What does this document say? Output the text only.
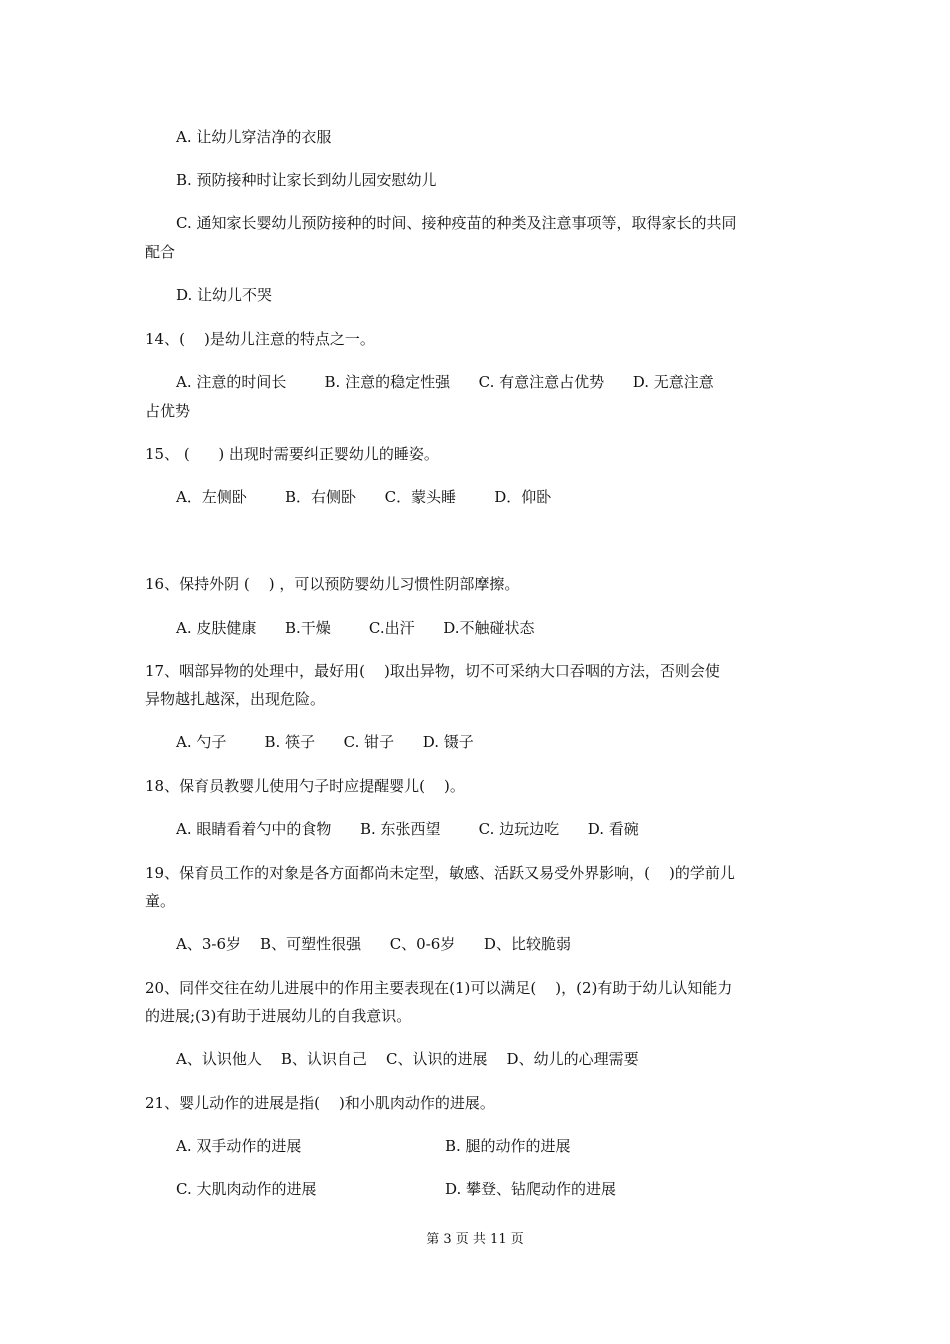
A. 让幼儿穿洁净的衣服
B. 预防接种时让家长到幼儿园安慰幼儿
C. 通知家长婴幼儿预防接种的时间、接种疫苗的种类及注意事项等，取得家长的共同
配合
D. 让幼儿不哭
14、(    )是幼儿注意的特点之一。
A. 注意的时间长        B. 注意的稳定性强      C. 有意注意占优势      D. 无意注意
占优势
15、 (      ) 出现时需要纠正婴幼儿的睡姿。
A．左侧卧        B．右侧卧      C．蒙头睡        D．仰卧
16、保持外阴 (    ) ，可以预防婴幼儿习惯性阴部摩擦。
A. 皮肤健康      B.干燥        C.出汗      D.不触碰状态
17、咽部异物的处理中，最好用(    )取出异物，切不可采纳大口吞咽的方法，否则会使
异物越扎越深，出现危险。
A. 勺子        B. 筷子      C. 钳子      D. 镊子
18、保育员教婴儿使用勺子时应提醒婴儿(    )。
A. 眼睛看着勺中的食物      B. 东张西望        C. 边玩边吃      D. 看碗
19、保育员工作的对象是各方面都尚未定型，敏感、活跃又易受外界影响，(    )的学前儿
童。
A、3-6岁    B、可塑性很强      C、0-6岁      D、比较脆弱
20、同伴交往在幼儿进展中的作用主要表现在(1)可以满足(    )，(2)有助于幼儿认知能力
的进展;(3)有助于进展幼儿的自我意识。
A、认识他人    B、认识自己    C、认识的进展    D、幼儿的心理需要
21、婴儿动作的进展是指(    )和小肌肉动作的进展。
A. 双手动作的进展	B. 腿的动作的进展
C. 大肌肉动作的进展	D. 攀登、钻爬动作的进展
第 3 页 共 11 页
